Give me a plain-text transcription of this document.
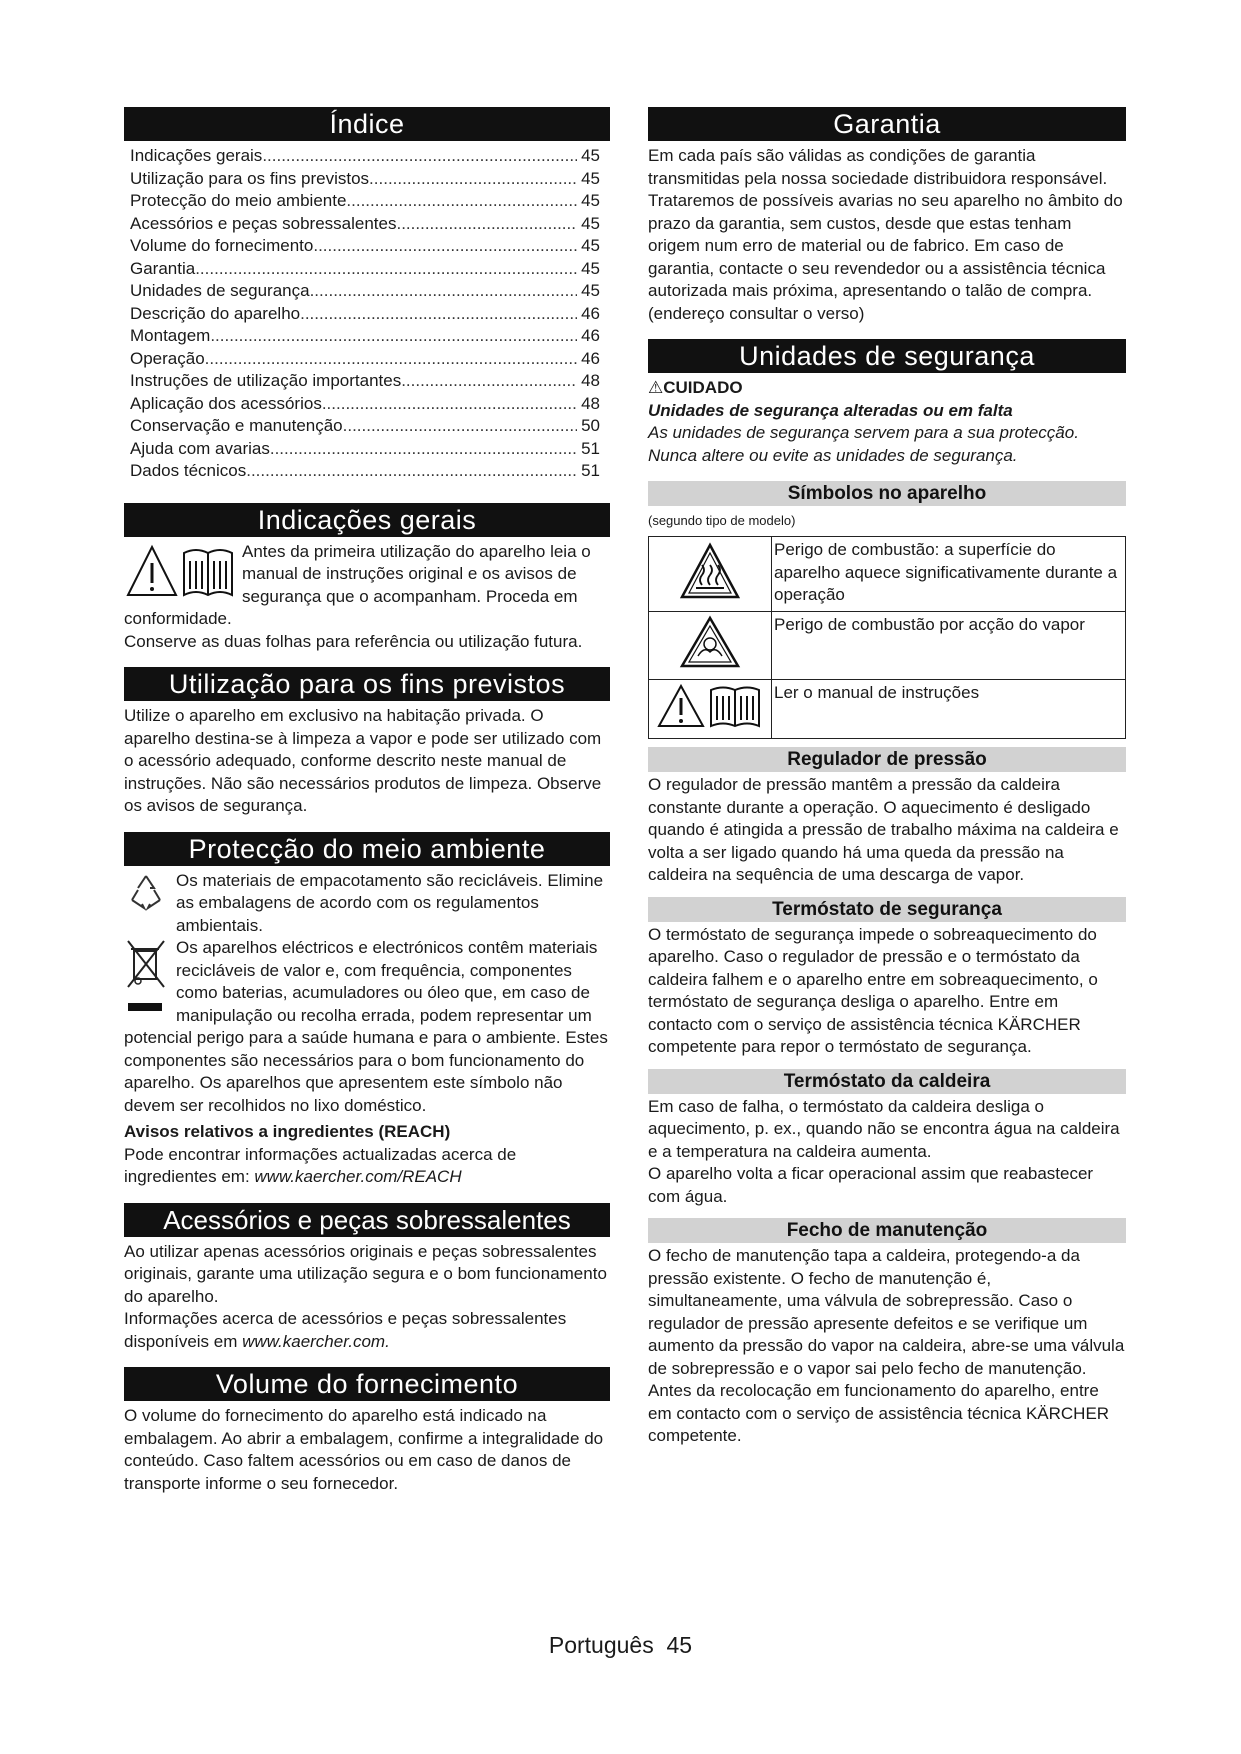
Índice
Indicações gerais .....	45
Utilização para os fins previstos .....	45
Protecção do meio ambiente .....	45
Acessórios e peças sobressalentes .....	45
Volume do fornecimento .....	45
Garantia .....	45
Unidades de segurança .....	45
Descrição do aparelho .....	46
Montagem .....	46
Operação .....	46
Instruções de utilização importantes .....	48
Aplicação dos acessórios .....	48
Conservação e manutenção .....	50
Ajuda com avarias .....	51
Dados técnicos .....	51
Indicações gerais

Antes da primeira utilização do aparelho leia o manual de instruções original e os avisos de segurança que o acompanham. Proceda em conformidade.

Conserve as duas folhas para referência ou utilização futura.

Utilização para os fins previstos

Utilize o aparelho em exclusivo na habitação privada. O aparelho destina-se à limpeza a vapor e pode ser utilizado com o acessório adequado, conforme descrito neste manual de instruções. Não são necessários produtos de limpeza. Observe os avisos de segurança.

Protecção do meio ambiente

Os materiais de empacotamento são recicláveis. Elimine as embalagens de acordo com os regulamentos ambientais.

Os aparelhos eléctricos e electrónicos contêm materiais recicláveis de valor e, com frequência, componentes como baterias, acumuladores ou óleo que, em caso de manipulação ou recolha errada, podem representar um potencial perigo para a saúde humana e para o ambiente. Estes componentes são necessários para o bom funcionamento do aparelho. Os aparelhos que apresentem este símbolo não devem ser recolhidos no lixo doméstico.

Avisos relativos a ingredientes (REACH)

Pode encontrar informações actualizadas acerca de ingredientes em: www.kaercher.com/REACH

Acessórios e peças sobressalentes

Ao utilizar apenas acessórios originais e peças sobressalentes originais, garante uma utilização segura e o bom funcionamento do aparelho.

Informações acerca de acessórios e peças sobressalentes disponíveis em www.kaercher.com.

Volume do fornecimento

O volume do fornecimento do aparelho está indicado na embalagem. Ao abrir a embalagem, confirme a integralidade do conteúdo. Caso faltem acessórios ou em caso de danos de transporte informe o seu fornecedor.

Garantia

Em cada país são válidas as condições de garantia transmitidas pela nossa sociedade distribuidora responsável. Trataremos de possíveis avarias no seu aparelho no âmbito do prazo da garantia, sem custos, desde que estas tenham origem num erro de material ou de fabrico. Em caso de garantia, contacte o seu revendedor ou a assistência técnica autorizada mais próxima, apresentando o talão de compra.

(endereço consultar o verso)

Unidades de segurança

⚠CUIDADO

Unidades de segurança alteradas ou em falta

As unidades de segurança servem para a sua protecção.

Nunca altere ou evite as unidades de segurança.

Símbolos no aparelho

(segundo tipo de modelo)

	Perigo de combustão: a superfície do aparelho aquece significativamente durante a operação
	Perigo de combustão por acção do vapor
	Ler o manual de instruções
Regulador de pressão

O regulador de pressão mantêm a pressão da caldeira constante durante a operação. O aquecimento é desligado quando é atingida a pressão de trabalho máxima na caldeira e volta a ser ligado quando há uma queda da pressão na caldeira na sequência de uma descarga de vapor.

Termóstato de segurança

O termóstato de segurança impede o sobreaquecimento do aparelho. Caso o regulador de pressão e o termóstato da caldeira falhem e o aparelho entre em sobreaquecimento, o termóstato de segurança desliga o aparelho. Entre em contacto com o serviço de assistência técnica KÄRCHER competente para repor o termóstato de segurança.

Termóstato da caldeira

Em caso de falha, o termóstato da caldeira desliga o aquecimento, p. ex., quando não se encontra água na caldeira e a temperatura na caldeira aumenta.

O aparelho volta a ficar operacional assim que reabastecer com água.

Fecho de manutenção

O fecho de manutenção tapa a caldeira, protegendo-a da pressão existente. O fecho de manutenção é, simultaneamente, uma válvula de sobrepressão. Caso o regulador de pressão apresente defeitos e se verifique um aumento da pressão do vapor na caldeira, abre-se uma válvula de sobrepressão e o vapor sai pelo fecho de manutenção.

Antes da recolocação em funcionamento do aparelho, entre em contacto com o serviço de assistência técnica KÄRCHER competente.

Português 45
